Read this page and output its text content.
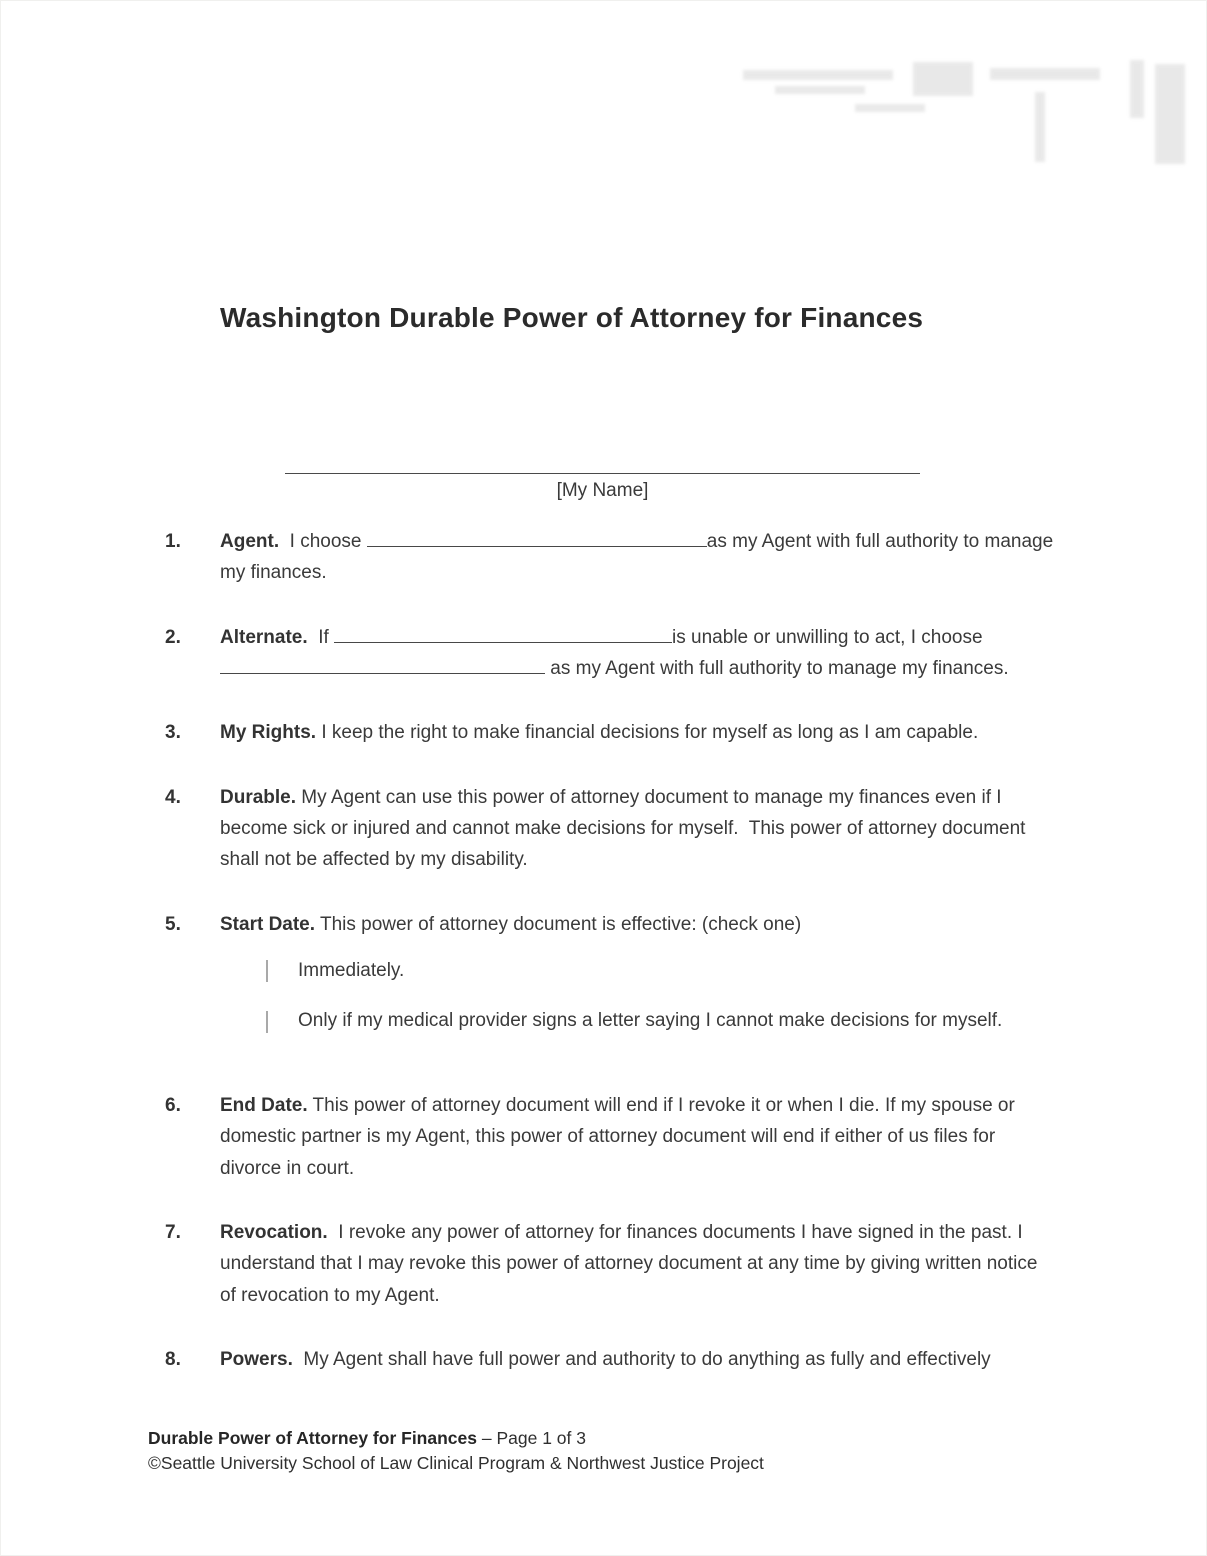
Washington Durable Power of Attorney for Finances
[My Name]
1.	Agent.  I choose	as my Agent with full authority to manage my finances.

2.	Alternate.  If	is unable or unwilling to act, I choose  as my Agent with full authority to manage my finances.

3.	My Rights. I keep the right to make financial decisions for myself as long as I am capable.

4.	Durable. My Agent can use this power of attorney document to manage my finances even if I become sick or injured and cannot make decisions for myself.  This power of attorney document shall not be affected by my disability.

5.	Start Date. This power of attorney document is effective: (check one)

Immediately.
Only if my medical provider signs a letter saying I cannot make decisions for myself.
6.	End Date. This power of attorney document will end if I revoke it or when I die. If my spouse or domestic partner is my Agent, this power of attorney document will end if either of us files for divorce in court.

7.	Revocation.  I revoke any power of attorney for finances documents I have signed in the past. I understand that I may revoke this power of attorney document at any time by giving written notice of revocation to my Agent.

8.	Powers.  My Agent shall have full power and authority to do anything as fully and effectively

Durable Power of Attorney for Finances – Page 1 of 3
©Seattle University School of Law Clinical Program & Northwest Justice Project
